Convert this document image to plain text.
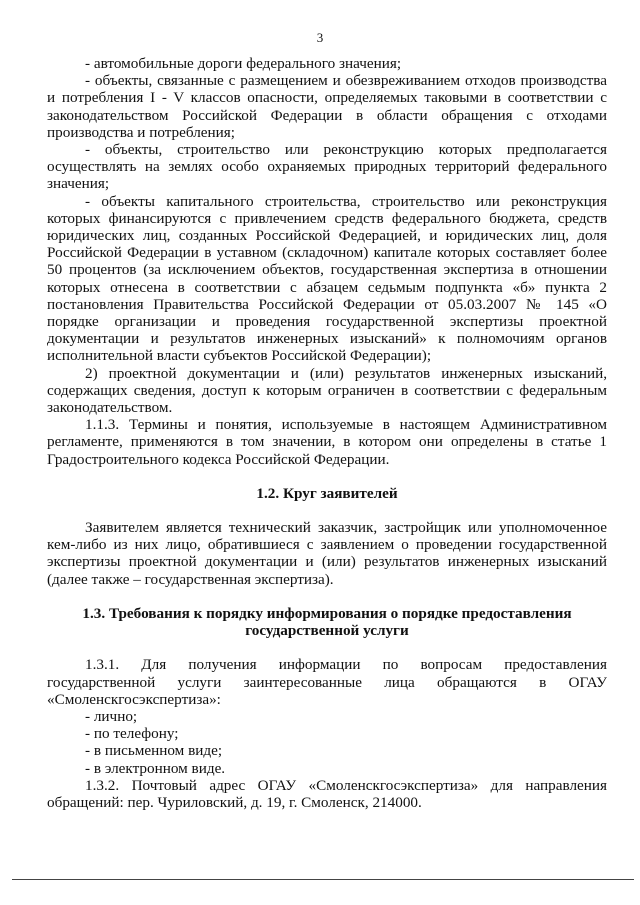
3

- автомобильные дороги федерального значения;

- объекты, связанные с размещением и обезвреживанием отходов производства и потребления I - V классов опасности, определяемых таковыми в соответствии с законодательством Российской Федерации в области обращения с отходами производства и потребления;

- объекты, строительство или реконструкцию которых предполагается осуществлять на землях особо охраняемых природных территорий федерального значения;

- объекты капитального строительства, строительство или реконструкция которых финансируются с привлечением средств федерального бюджета, средств юридических лиц, созданных Российской Федерацией, и юридических лиц, доля Российской Федерации в уставном (складочном) капитале которых составляет более 50 процентов (за исключением объектов, государственная экспертиза в отношении которых отнесена в соответствии с абзацем седьмым подпункта «б» пункта 2 постановления Правительства Российской Федерации от 05.03.2007 № 145 «О порядке организации и проведения государственной экспертизы проектной документации и результатов инженерных изысканий» к полномочиям органов исполнительной власти субъектов Российской Федерации);

2) проектной документации и (или) результатов инженерных изысканий, содержащих сведения, доступ к которым ограничен в соответствии с федеральным законодательством.

1.1.3. Термины и понятия, используемые в настоящем Административном регламенте, применяются в том значении, в котором они определены в статье 1 Градостроительного кодекса Российской Федерации.

1.2. Круг заявителей

Заявителем является технический заказчик, застройщик или уполномоченное кем-либо из них лицо, обратившиеся с заявлением о проведении государственной экспертизы проектной документации и (или) результатов инженерных изысканий (далее также – государственная экспертиза).

1.3. Требования к порядку информирования о порядке предоставления

государственной услуги

1.3.1. Для получения информации по вопросам предоставления государственной услуги заинтересованные лица обращаются в ОГАУ «Смоленскгосэкспертиза»:

- лично;

- по телефону;

- в письменном виде;

- в электронном виде.

1.3.2. Почтовый адрес ОГАУ «Смоленскгосэкспертиза» для направления обращений: пер. Чуриловский, д. 19, г. Смоленск, 214000.
